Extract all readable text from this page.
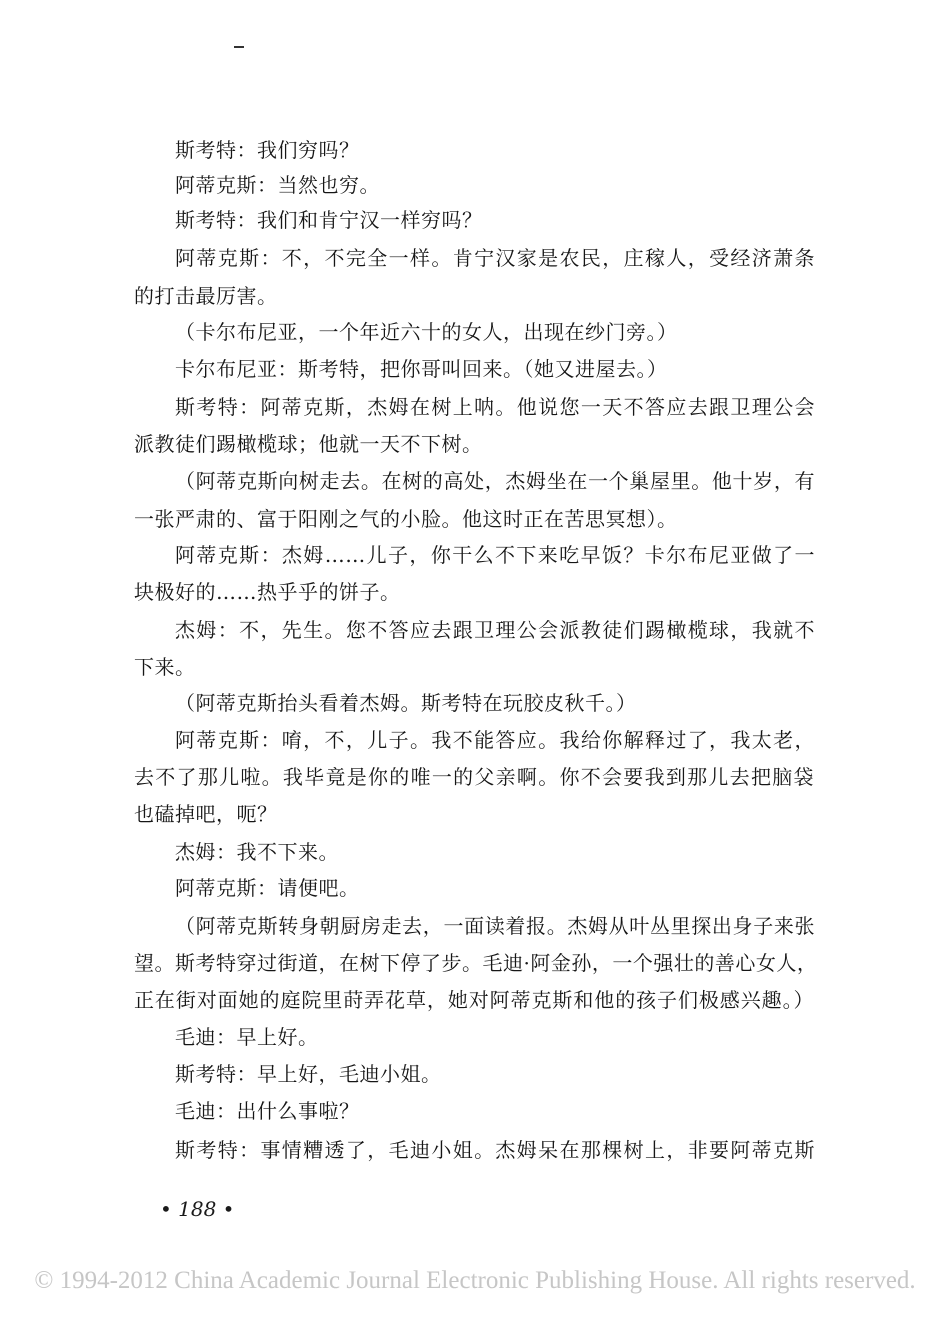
斯考特：我们穷吗？
阿蒂克斯：当然也穷。
斯考特：我们和肯宁汉一样穷吗？
阿蒂克斯：不，不完全一样。肯宁汉家是农民，庄稼人，受经济萧条
的打击最厉害。
（卡尔布尼亚，一个年近六十的女人，出现在纱门旁。）
卡尔布尼亚：斯考特，把你哥叫回来。（她又进屋去。）
斯考特：阿蒂克斯，杰姆在树上呐。他说您一天不答应去跟卫理公会
派教徒们踢橄榄球；他就一天不下树。
（阿蒂克斯向树走去。在树的高处，杰姆坐在一个巢屋里。他十岁，有
一张严肃的、富于阳刚之气的小脸。他这时正在苦思冥想）。
阿蒂克斯：杰姆……儿子，你干么不下来吃早饭？卡尔布尼亚做了一
块极好的……热乎乎的饼子。
杰姆：不，先生。您不答应去跟卫理公会派教徒们踢橄榄球，我就不
下来。
（阿蒂克斯抬头看着杰姆。斯考特在玩胶皮秋千。）
阿蒂克斯：唷，不，儿子。我不能答应。我给你解释过了，我太老，
去不了那儿啦。我毕竟是你的唯一的父亲啊。你不会要我到那儿去把脑袋
也磕掉吧，呃？
杰姆：我不下来。
阿蒂克斯：请便吧。
（阿蒂克斯转身朝厨房走去，一面读着报。杰姆从叶丛里探出身子来张
望。斯考特穿过街道，在树下停了步。毛迪·阿金孙，一个强壮的善心女人，
正在街对面她的庭院里莳弄花草，她对阿蒂克斯和他的孩子们极感兴趣。）
毛迪：早上好。
斯考特：早上好，毛迪小姐。
毛迪：出什么事啦？
斯考特：事情糟透了，毛迪小姐。杰姆呆在那棵树上，非要阿蒂克斯
• 188 •
© 1994-2012 China Academic Journal Electronic Publishing House. All rights reserved.
